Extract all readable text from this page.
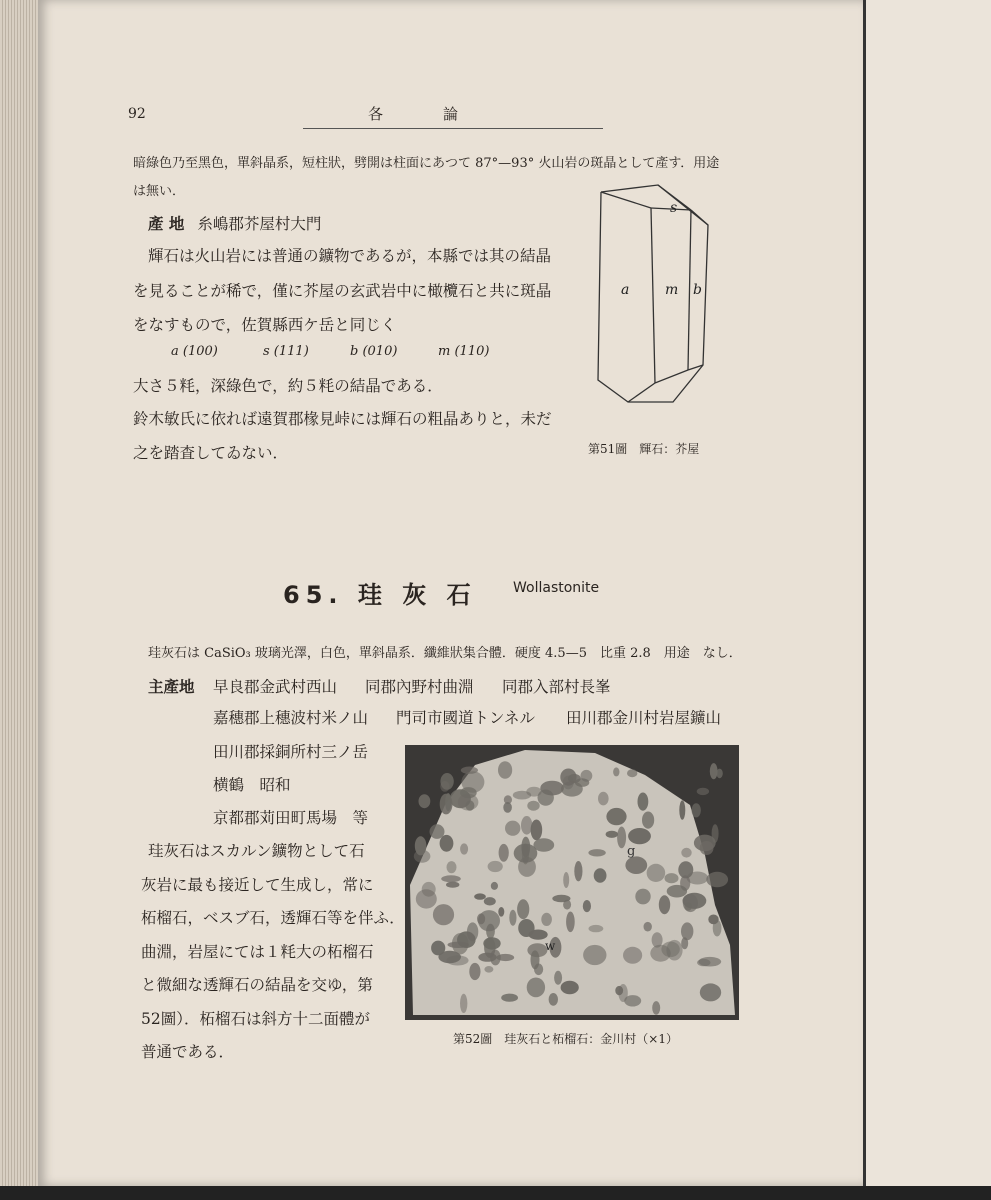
92	各論
暗綠色乃至黑色，單斜晶系，短柱狀，劈開は柱面にあつて 87°—93° 火山岩の斑晶として產す．用途
は無い．
產 地 糸嶋郡芥屋村大門
輝石は火山岩には普通の鑛物であるが，本縣では其の結晶
を見ることが稀で，僅に芥屋の玄武岩中に橄欖石と共に斑晶
をなすもので，佐賀縣西ケ岳と同じく
a (100)	s (111)	b (010)	m (110)
大さ５粍，深綠色で，約５粍の結晶である．
鈴木敏氏に依れば遠賀郡椽見峠には輝石の粗晶ありと，未だ
之を踏査してゐない．
s
a	m b
第51圖　輝石：芥屋
65. 珪 灰 石	Wollastonite
珪灰石は CaSiO₃ 玻璃光澤，白色，單斜晶系．纖維狀集合體．硬度 4.5—5　比重 2.8　用途　なし．
主產地 早良郡金武村西山 同郡內野村曲淵 同郡入部村長峯
嘉穗郡上穗波村米ノ山 門司市國道トンネル 田川郡金川村岩屋鑛山
田川郡採銅所村三ノ岳
横鶴　昭和
京都郡苅田町馬場　等
珪灰石はスカルン鑛物として石
灰岩に最も接近して生成し，常に
柘榴石，ベスブ石，透輝石等を伴ふ．
曲淵，岩屋にては１粍大の柘榴石
と微細な透輝石の結晶を交ゆ，第
52圖）．柘榴石は斜方十二面體が
普通である．
g
w
第52圖　珪灰石と柘榴石：金川村（×1）
